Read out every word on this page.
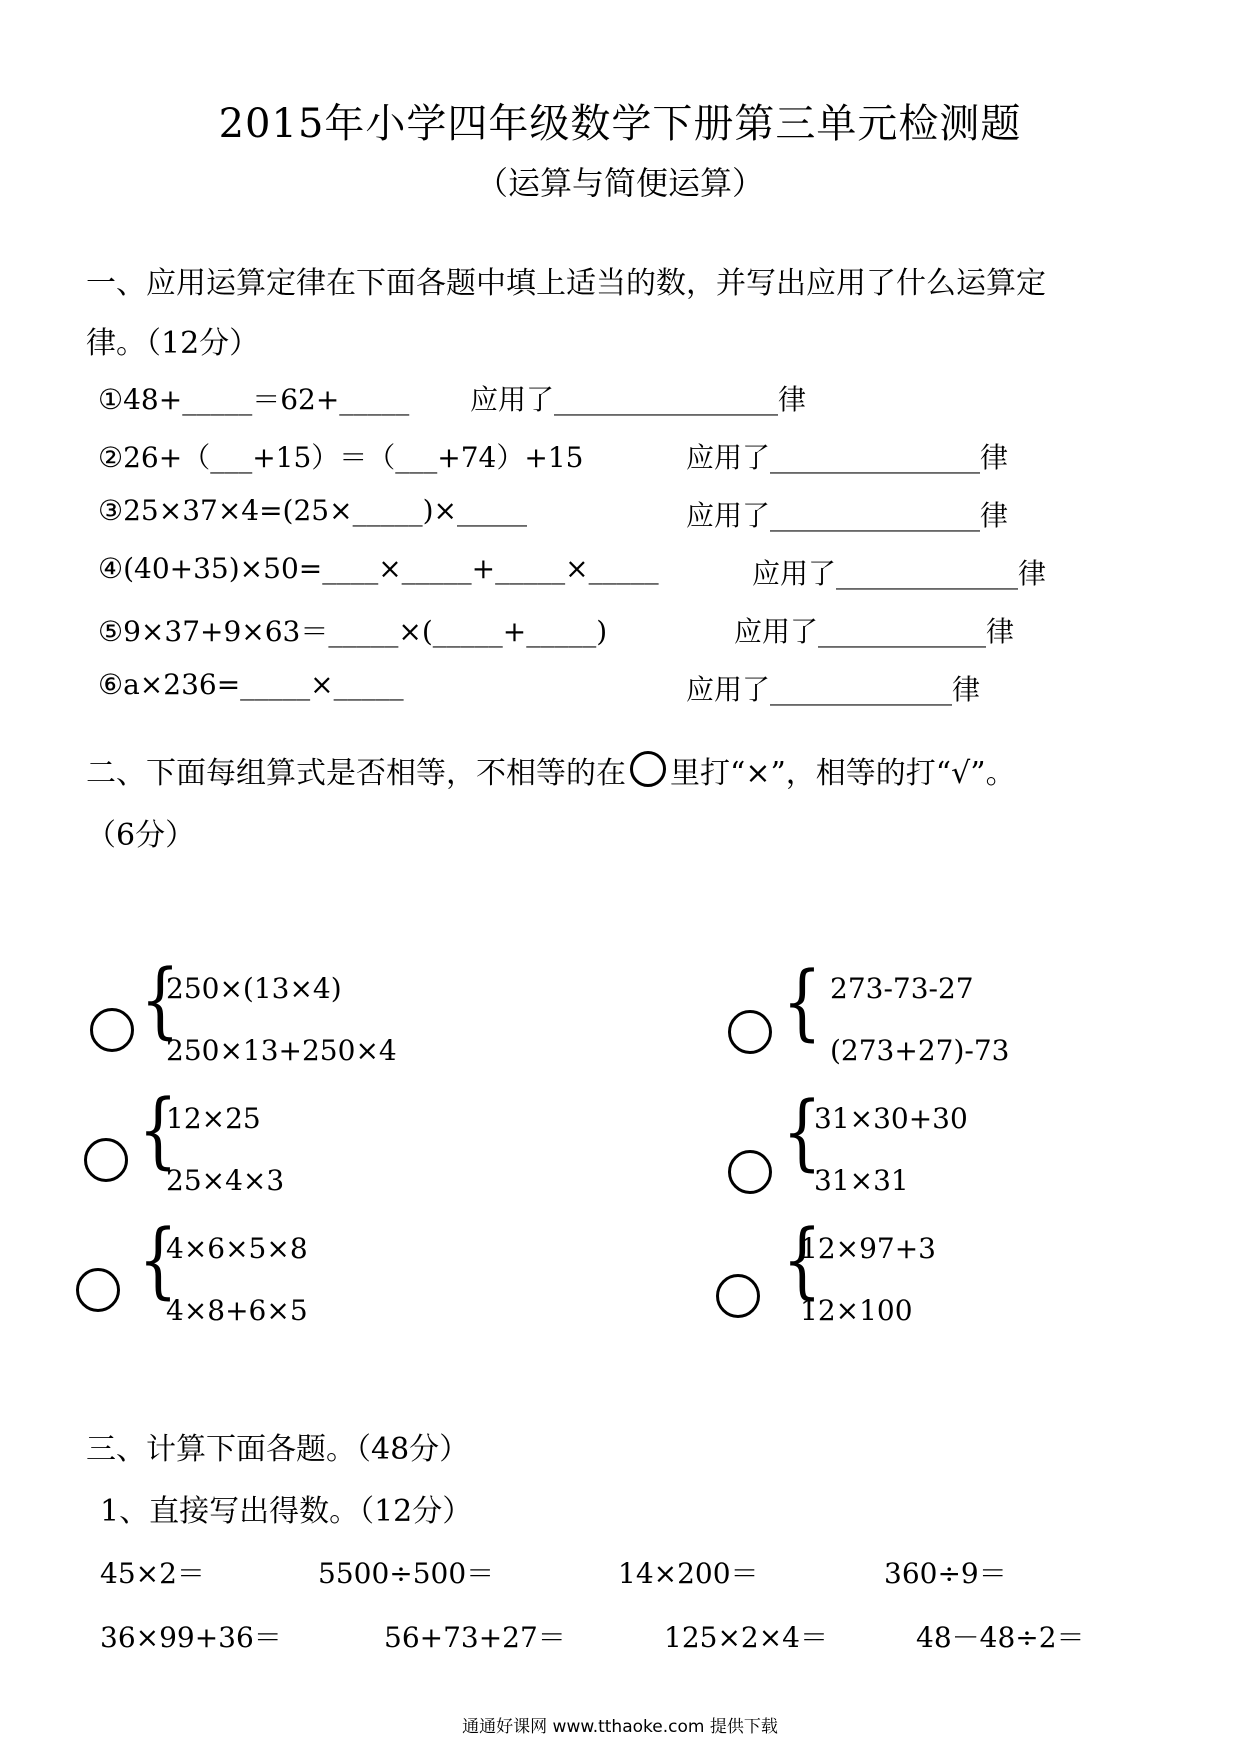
2015年小学四年级数学下册第三单元检测题
（运算与简便运算）
一、应用运算定律在下面各题中填上适当的数，并写出应用了什么运算定
律。（12分）
①48+_____＝62+_____ 应用了________________律
②26+（___+15）＝（___+74）+15	应用了_______________律
③25×37×4=(25×_____)×_____	应用了_______________律
④(40+35)×50=____×_____+_____×_____	应用了_____________律
⑤9×37+9×63＝_____×(_____+_____)	应用了____________律
⑥a×236=_____×_____	应用了_____________律
二、下面每组算式是否相等，不相等的在 里打“×”，相等的打“√”。
（6分）
{
250×(13×4)
250×13+250×4
{ 273-73-27
(273+27)-73
{
12×25
25×4×3
{
31×30+30
31×31
{
4×6×5×8
4×8+6×5
{
12×97+3
12×100
三、计算下面各题。（48分）
1、直接写出得数。（12分）
45×2＝	5500÷500＝	14×200＝	360÷9＝
36×99+36＝	56+73+27＝	125×2×4＝	48－48÷2＝
通通好课网 www.tthaoke.com 提供下载
